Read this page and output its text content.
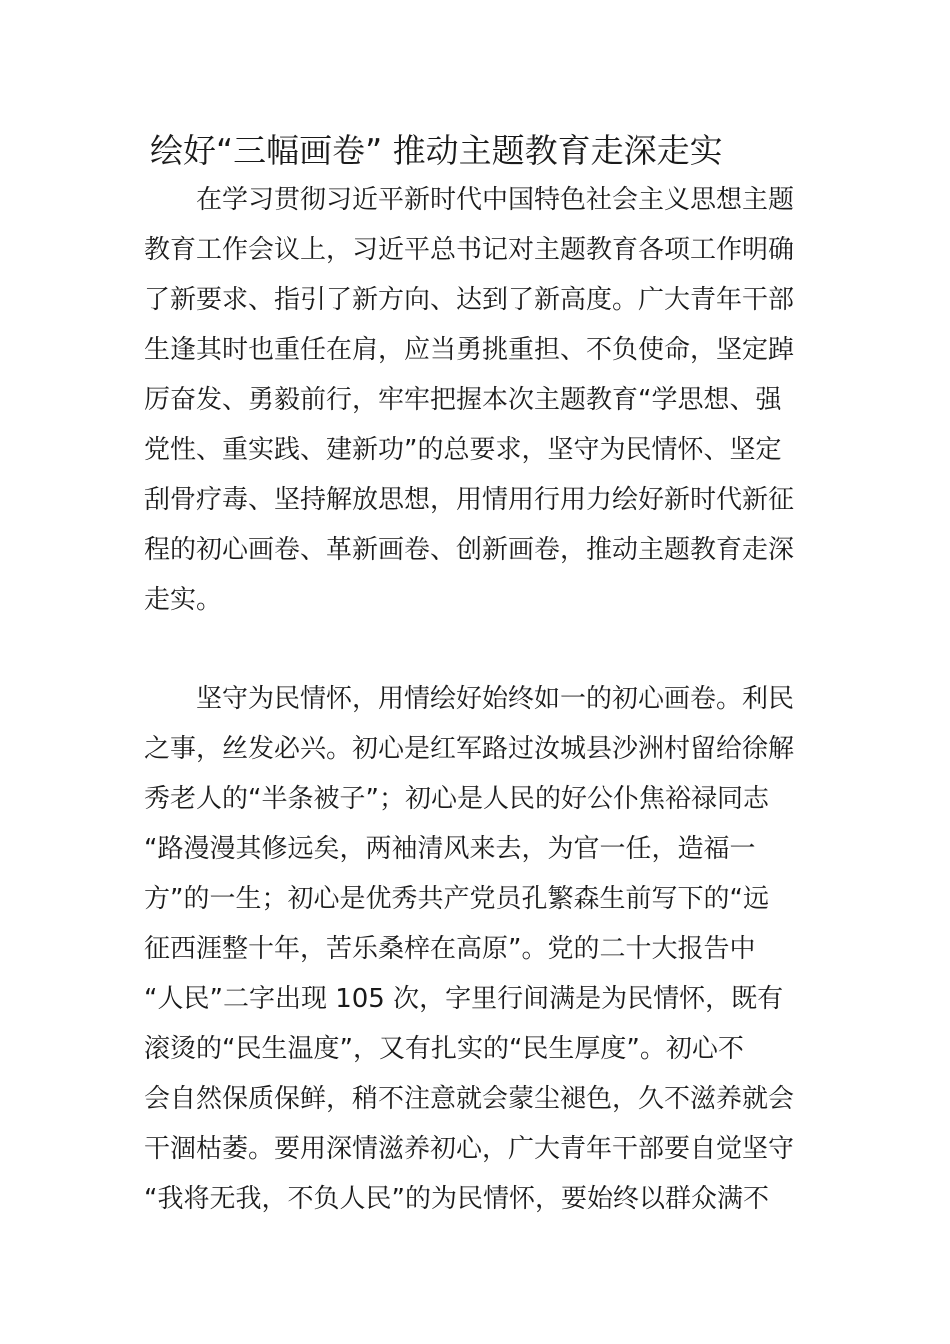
绘好“三幅画卷” 推动主题教育走深走实
在学习贯彻习近平新时代中国特色社会主义思想主题
教育工作会议上，习近平总书记对主题教育各项工作明确
了新要求、指引了新方向、达到了新高度。广大青年干部
生逢其时也重任在肩，应当勇挑重担、不负使命，坚定踔
厉奋发、勇毅前行，牢牢把握本次主题教育“学思想、强
党性、重实践、建新功”的总要求，坚守为民情怀、坚定
刮骨疗毒、坚持解放思想，用情用行用力绘好新时代新征
程的初心画卷、革新画卷、创新画卷，推动主题教育走深
走实。
坚守为民情怀，用情绘好始终如一的初心画卷。利民
之事，丝发必兴。初心是红军路过汝城县沙洲村留给徐解
秀老人的“半条被子”；初心是人民的好公仆焦裕禄同志
“路漫漫其修远矣，两袖清风来去，为官一任，造福一
方”的一生；初心是优秀共产党员孔繁森生前写下的“远
征西涯整十年，苦乐桑梓在高原”。党的二十大报告中
“人民”二字出现 105 次，字里行间满是为民情怀，既有
滚烫的“民生温度”，又有扎实的“民生厚度”。初心不
会自然保质保鲜，稍不注意就会蒙尘褪色，久不滋养就会
干涸枯萎。要用深情滋养初心，广大青年干部要自觉坚守
“我将无我，不负人民”的为民情怀，要始终以群众满不
